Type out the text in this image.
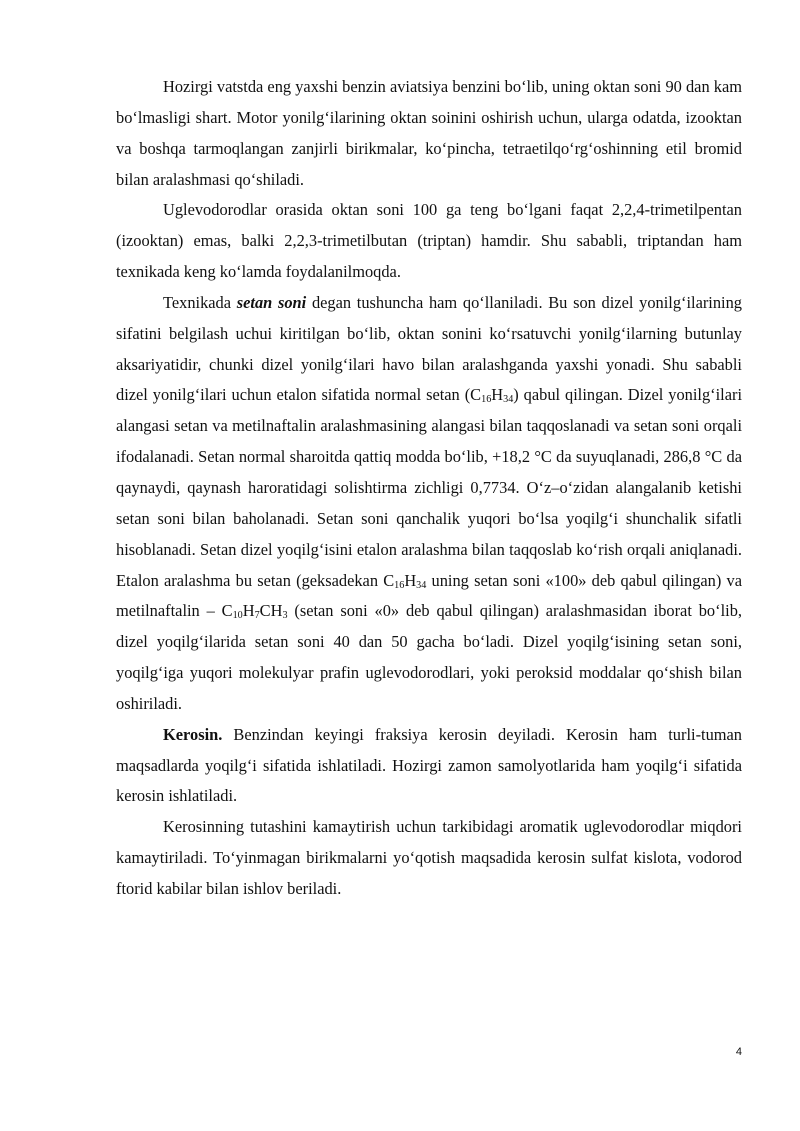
Hozirgi vatstda eng yaxshi benzin aviatsiya benzini bo‘lib, uning oktan soni 90 dan kam bo‘lmasligi shart. Motor yonilg‘ilarining oktan soinini oshirish uchun, ularga odatda, izooktan va boshqa tarmoqlangan zanjirli birikmalar, ko‘pincha, tetraetilqo‘rg‘oshinning etil bromid bilan aralashmasi qo‘shiladi.

Uglevodorodlar orasida oktan soni 100 ga teng bo‘lgani faqat 2,2,4-trimetilpentan (izooktan) emas, balki 2,2,3-trimetilbutan (triptan) hamdir. Shu sababli, triptandan ham texnikada keng ko‘lamda foydalanilmoqda.

Texnikada setan soni degan tushuncha ham qo‘llaniladi. Bu son dizel yonilg‘ilarining sifatini belgilash uchui kiritilgan bo‘lib, oktan sonini ko‘rsatuvchi yonilg‘ilarning butunlay aksariyatidir, chunki dizel yonilg‘ilari havo bilan aralashganda yaxshi yonadi. Shu sababli dizel yonilg‘ilari uchun etalon sifatida normal setan $(C_{16}H_{34})$ qabul qilingan. Dizel yonilg‘ilari alangasi setan va metilnaftalin aralashmasining alangasi bilan taqqoslanadi va setan soni orqali ifodalanadi. Setan normal sharoitda qattiq modda bo‘lib, +18,2 °C da suyuqlanadi, 286,8 °C da qaynaydi, qaynash haroratidagi solishtirma zichligi 0,7734. O‘z–o‘zidan alangalanib ketishi setan soni bilan baholanadi. Setan soni qanchalik yuqori bo‘lsa yoqilg‘i shunchalik sifatli hisoblanadi. Setan dizel yoqilg‘isini etalon aralashma bilan taqqoslab ko‘rish orqali aniqlanadi. Etalon aralashma bu setan (geksadekan $C_{16}H_{34}$ uning setan soni «100» deb qabul qilingan) va metilnaftalin – $C_{10}H_7CH_3$ (setan soni «0» deb qabul qilingan) aralashmasidan iborat bo‘lib, dizel yoqilg‘ilarida setan soni 40 dan 50 gacha bo‘ladi. Dizel yoqilg‘isining setan soni, yoqilg‘iga yuqori molekulyar prafin uglevodorodlari, yoki peroksid moddalar qo‘shish bilan oshiriladi.

Kerosin. Benzindan keyingi fraksiya kerosin deyiladi. Kerosin ham turli-tuman maqsadlarda yoqilg‘i sifatida ishlatiladi. Hozirgi zamon samolyotlarida ham yoqilg‘i sifatida kerosin ishlatiladi.

Kerosinning tutashini kamaytirish uchun tarkibidagi aromatik uglevodorodlar miqdori kamaytiriladi. To‘yinmagan birikmalarni yo‘qotish maqsadida kerosin sulfat kislota, vodorod ftorid kabilar bilan ishlov beriladi.

4
